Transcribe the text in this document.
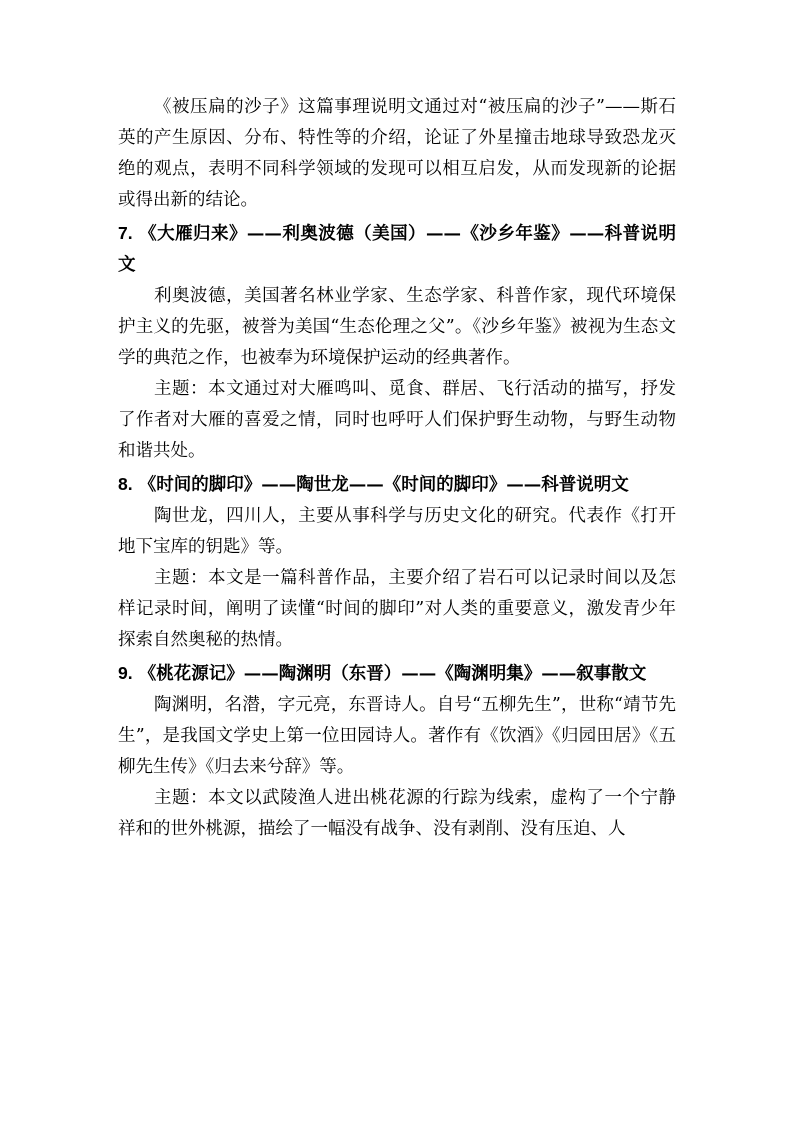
《被压扁的沙子》这篇事理说明文通过对“被压扁的沙子”——斯石英的产生原因、分布、特性等的介绍，论证了外星撞击地球导致恐龙灭绝的观点，表明不同科学领域的发现可以相互启发，从而发现新的论据或得出新的结论。

7. 《大雁归来》——利奥波德（美国）——《沙乡年鉴》——科普说明文

利奥波德，美国著名林业学家、生态学家、科普作家，现代环境保护主义的先驱，被誉为美国“生态伦理之父”。《沙乡年鉴》被视为生态文学的典范之作，也被奉为环境保护运动的经典著作。

主题：本文通过对大雁鸣叫、觅食、群居、飞行活动的描写，抒发了作者对大雁的喜爱之情，同时也呼吁人们保护野生动物，与野生动物和谐共处。

8. 《时间的脚印》——陶世龙——《时间的脚印》——科普说明文

陶世龙，四川人，主要从事科学与历史文化的研究。代表作《打开地下宝库的钥匙》等。

主题：本文是一篇科普作品，主要介绍了岩石可以记录时间以及怎样记录时间，阐明了读懂“时间的脚印”对人类的重要意义，激发青少年探索自然奥秘的热情。

9. 《桃花源记》——陶渊明（东晋）——《陶渊明集》——叙事散文

陶渊明，名潜，字元亮，东晋诗人。自号“五柳先生”，世称“靖节先生”，是我国文学史上第一位田园诗人。著作有《饮酒》《归园田居》《五柳先生传》《归去来兮辞》等。

主题：本文以武陵渔人进出桃花源的行踪为线索，虚构了一个宁静祥和的世外桃源，描绘了一幅没有战争、没有剥削、没有压迫、人
